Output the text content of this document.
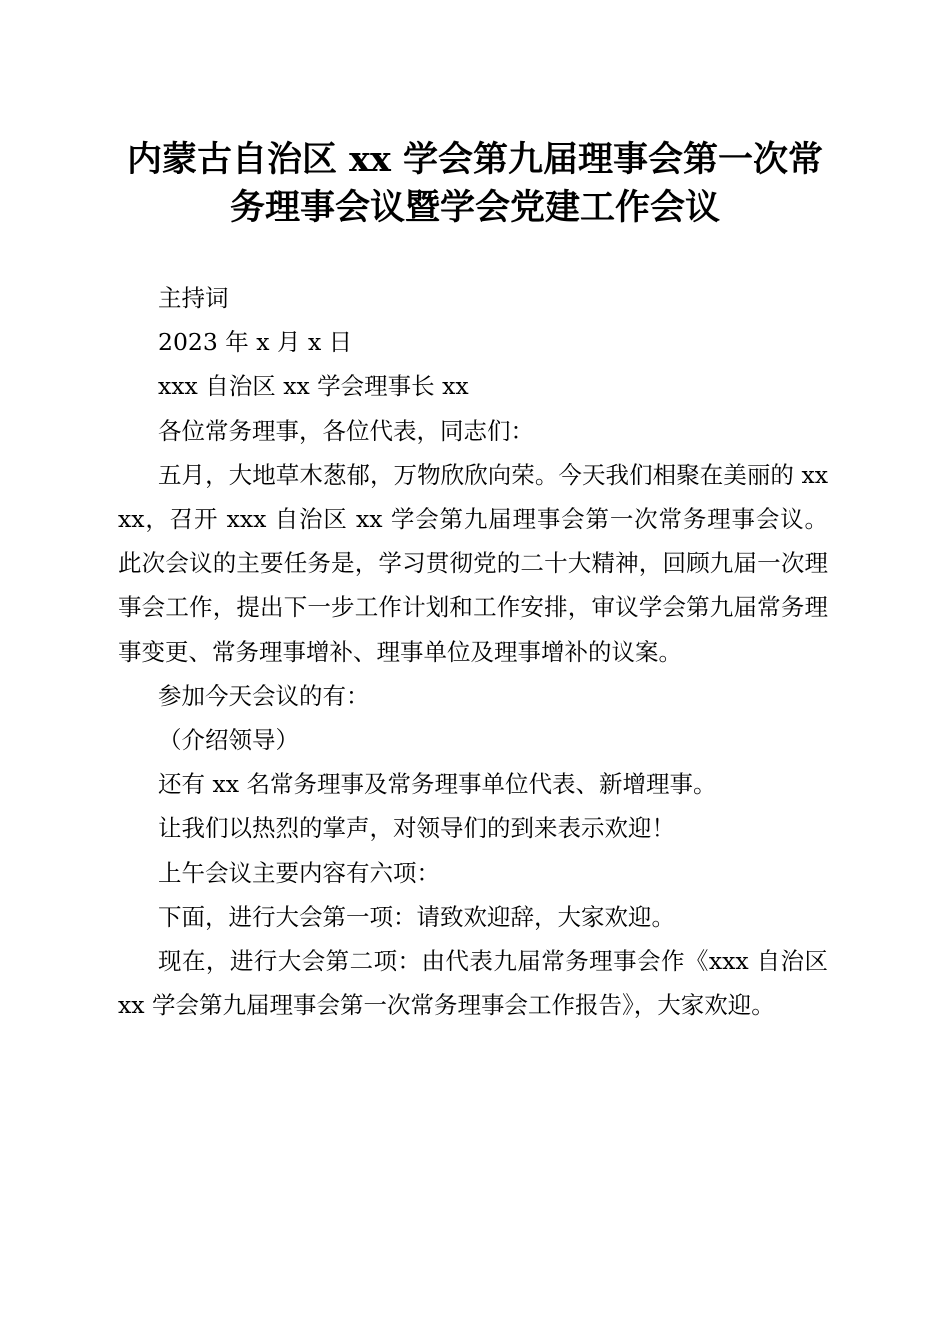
内蒙古自治区 xx 学会第九届理事会第一次常
务理事会议暨学会党建工作会议

主持词

2023 年 x 月 x 日

xxx 自治区 xx 学会理事长 xx

各位常务理事，各位代表，同志们：

五月，大地草木葱郁，万物欣欣向荣。今天我们相聚在美丽的 xxxx，召开 xxx 自治区 xx 学会第九届理事会第一次常务理事会议。此次会议的主要任务是，学习贯彻党的二十大精神，回顾九届一次理事会工作，提出下一步工作计划和工作安排，审议学会第九届常务理事变更、常务理事增补、理事单位及理事增补的议案。

参加今天会议的有：

（介绍领导）

还有 xx 名常务理事及常务理事单位代表、新增理事。

让我们以热烈的掌声，对领导们的到来表示欢迎！

上午会议主要内容有六项：

下面，进行大会第一项：请致欢迎辞，大家欢迎。

现在，进行大会第二项：由代表九届常务理事会作《xxx 自治区 xx 学会第九届理事会第一次常务理事会工作报告》，大家欢迎。
